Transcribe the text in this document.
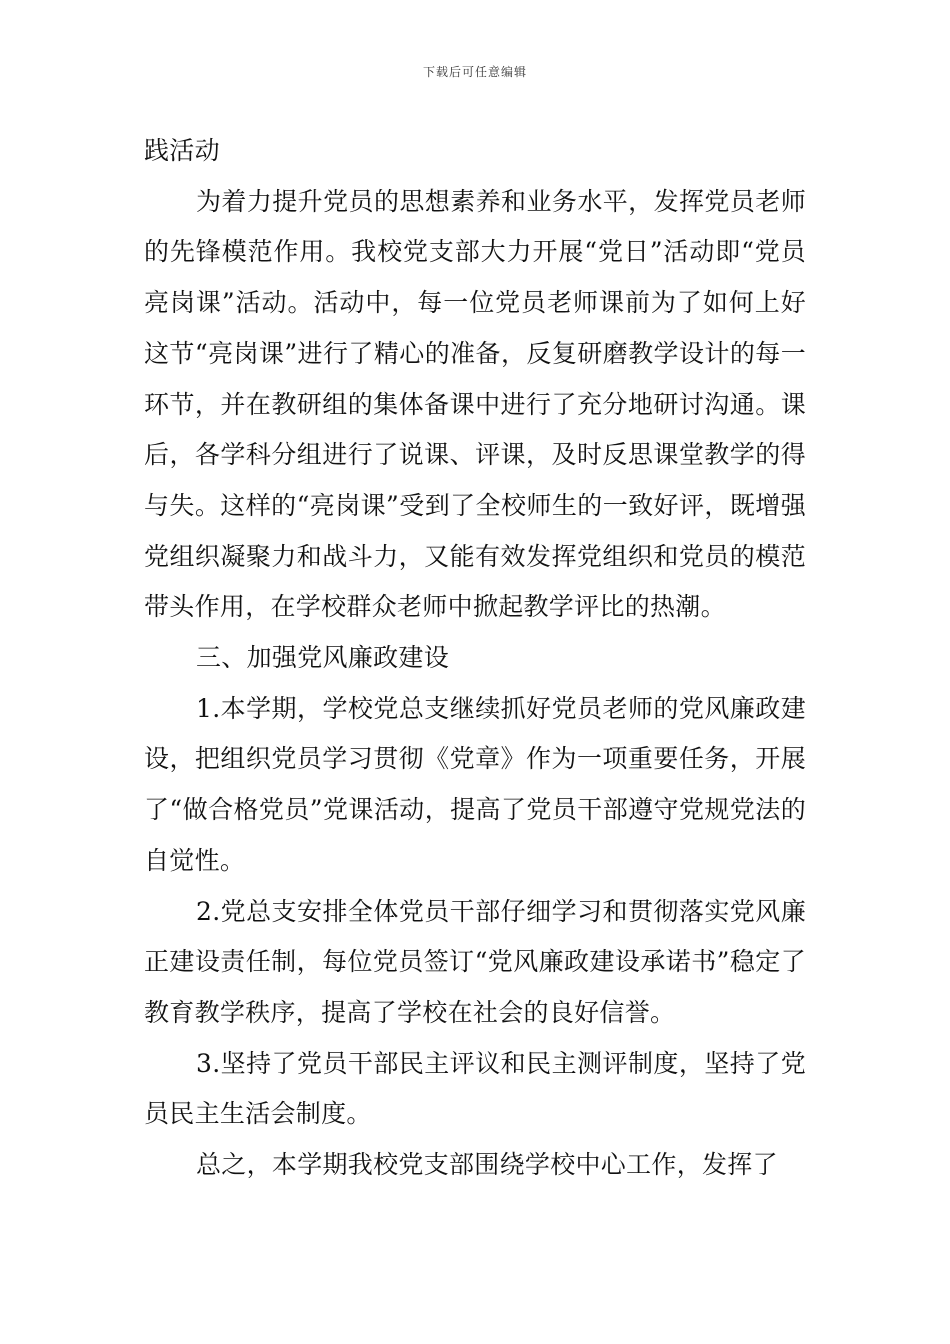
下载后可任意编辑

践活动

为着力提升党员的思想素养和业务水平，发挥党员老师的先锋模范作用。我校党支部大力开展“党日”活动即“党员亮岗课”活动。活动中，每一位党员老师课前为了如何上好这节“亮岗课”进行了精心的准备，反复研磨教学设计的每一环节，并在教研组的集体备课中进行了充分地研讨沟通。课后，各学科分组进行了说课、评课，及时反思课堂教学的得与失。这样的“亮岗课”受到了全校师生的一致好评，既增强党组织凝聚力和战斗力，又能有效发挥党组织和党员的模范带头作用，在学校群众老师中掀起教学评比的热潮。

三、加强党风廉政建设

1.本学期，学校党总支继续抓好党员老师的党风廉政建设，把组织党员学习贯彻《党章》作为一项重要任务，开展了“做合格党员”党课活动，提高了党员干部遵守党规党法的自觉性。

2.党总支安排全体党员干部仔细学习和贯彻落实党风廉正建设责任制，每位党员签订“党风廉政建设承诺书”稳定了教育教学秩序，提高了学校在社会的良好信誉。

3.坚持了党员干部民主评议和民主测评制度，坚持了党员民主生活会制度。

总之，本学期我校党支部围绕学校中心工作，发挥了
